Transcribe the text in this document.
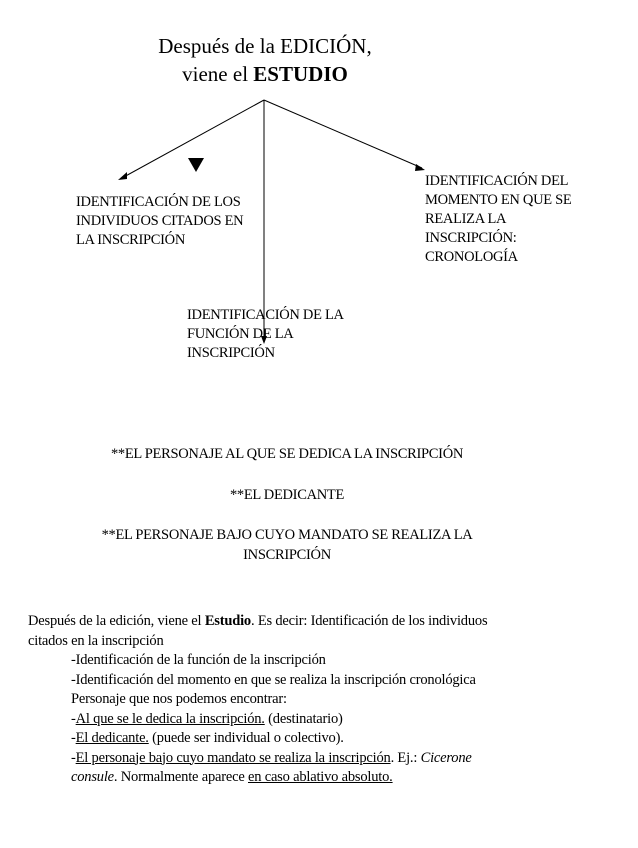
Después de la EDICIÓN,
viene el ESTUDIO
IDENTIFICACIÓN DE LOS
INDIVIDUOS CITADOS EN
LA INSCRIPCIÓN
IDENTIFICACIÓN DEL
MOMENTO EN QUE SE
REALIZA LA
INSCRIPCIÓN:
CRONOLOGÍA
IDENTIFICACIÓN DE LA
FUNCIÓN DE LA
INSCRIPCIÓN
**EL PERSONAJE AL QUE SE DEDICA LA INSCRIPCIÓN
**EL DEDICANTE
**EL PERSONAJE BAJO CUYO MANDATO SE REALIZA LA
INSCRIPCIÓN
Después de la edición, viene el Estudio. Es decir: Identificación de los individuos
citados en la inscripción
-Identificación de la función de la inscripción
-Identificación del momento en que se realiza la inscripción cronológica
Personaje que nos podemos encontrar:
-Al que se le dedica la inscripción. (destinatario)
-El dedicante. (puede ser individual o colectivo).
-El personaje bajo cuyo mandato se realiza la inscripción. Ej.: Cicerone
consule. Normalmente aparece en caso ablativo absoluto.
